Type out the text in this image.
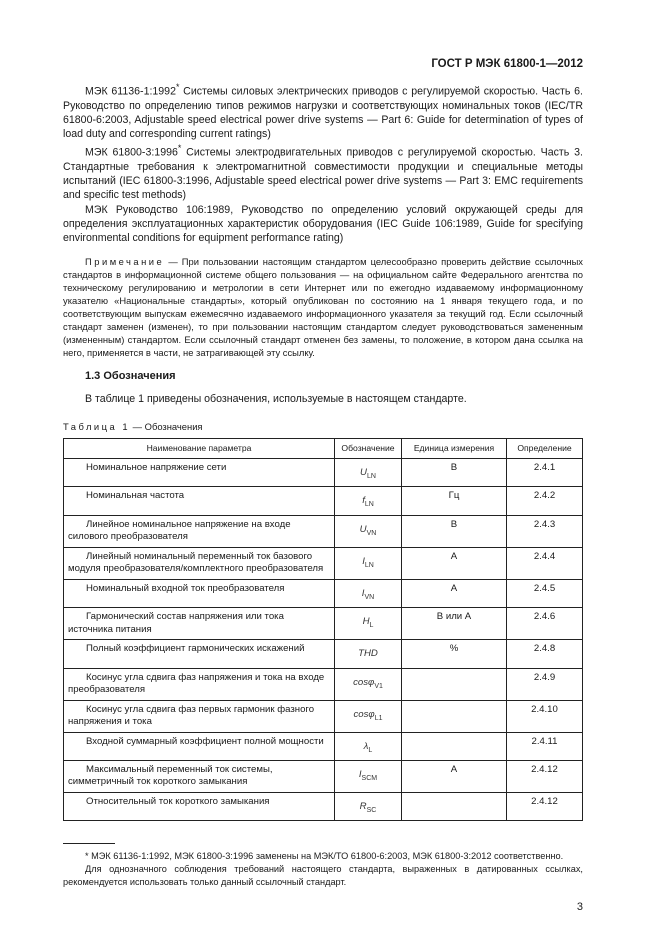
ГОСТ Р МЭК 61800-1—2012

МЭК 61136-1:1992* Системы силовых электрических приводов с регулируемой скоростью. Часть 6. Руководство по определению типов режимов нагрузки и соответствующих номинальных токов (IEC/TR 61800-6:2003, Adjustable speed electrical power drive systems — Part 6: Guide for determination of types of load duty and corresponding current ratings)

МЭК 61800-3:1996* Системы электродвигательных приводов с регулируемой скоростью. Часть 3. Стандартные требования к электромагнитной совместимости продукции и специальные методы испытаний (IEC 61800-3:1996, Adjustable speed electrical power drive systems — Part 3: EMC requirements and specific test methods)

МЭК Руководство 106:1989, Руководство по определению условий окружающей среды для определения эксплуатационных характеристик оборудования (IEC Guide 106:1989, Guide for specifying environmental conditions for equipment performance rating)

Примечание — При пользовании настоящим стандартом целесообразно проверить действие ссылочных стандартов в информационной системе общего пользования — на официальном сайте Федерального агентства по техническому регулированию и метрологии в сети Интернет или по ежегодно издаваемому информационному указателю «Национальные стандарты», который опубликован по состоянию на 1 января текущего года, и по соответствующим выпускам ежемесячно издаваемого информационного указателя за текущий год. Если ссылочный стандарт заменен (изменен), то при пользовании настоящим стандартом следует руководствоваться замененным (измененным) стандартом. Если ссылочный стандарт отменен без замены, то положение, в котором дана ссылка на него, применяется в части, не затрагивающей эту ссылку.

1.3 Обозначения

В таблице 1 приведены обозначения, используемые в настоящем стандарте.

Таблица 1 — Обозначения

Наименование параметра	Обозначение	Единица измерения	Определение
Номинальное напряжение сети	$U_{LN}$	В	2.4.1
Номинальная частота	$f_{LN}$	Гц	2.4.2
Линейное номинальное напряжение на входе силового преобразователя	$U_{VN}$	В	2.4.3
Линейный номинальный переменный ток базового модуля преобразователя/комплектного преобразователя	$I_{LN}$	А	2.4.4
Номинальный входной ток преобразователя	$I_{VN}$	А	2.4.5
Гармонический состав напряжения или тока источника питания	$H_L$	В или А	2.4.6
Полный коэффициент гармонических искажений	THD	%	2.4.8
Косинус угла сдвига фаз напряжения и тока на входе преобразователя	cosφ$_{V1}$		2.4.9
Косинус угла сдвига фаз первых гармоник фазного напряжения и тока	cosφ$_{L1}$		2.4.10
Входной суммарный коэффициент полной мощности	$\lambda_L$		2.4.11
Максимальный переменный ток системы, симметричный ток короткого замыкания	$I_{SCM}$	А	2.4.12
Относительный ток короткого замыкания	$R_{SC}$		2.4.12

* МЭК 61136-1:1992, МЭК 61800-3:1996 заменены на МЭК/ТО 61800-6:2003, МЭК 61800-3:2012 соответственно.

Для однозначного соблюдения требований настоящего стандарта, выраженных в датированных ссылках, рекомендуется использовать только данный ссылочный стандарт.

3
